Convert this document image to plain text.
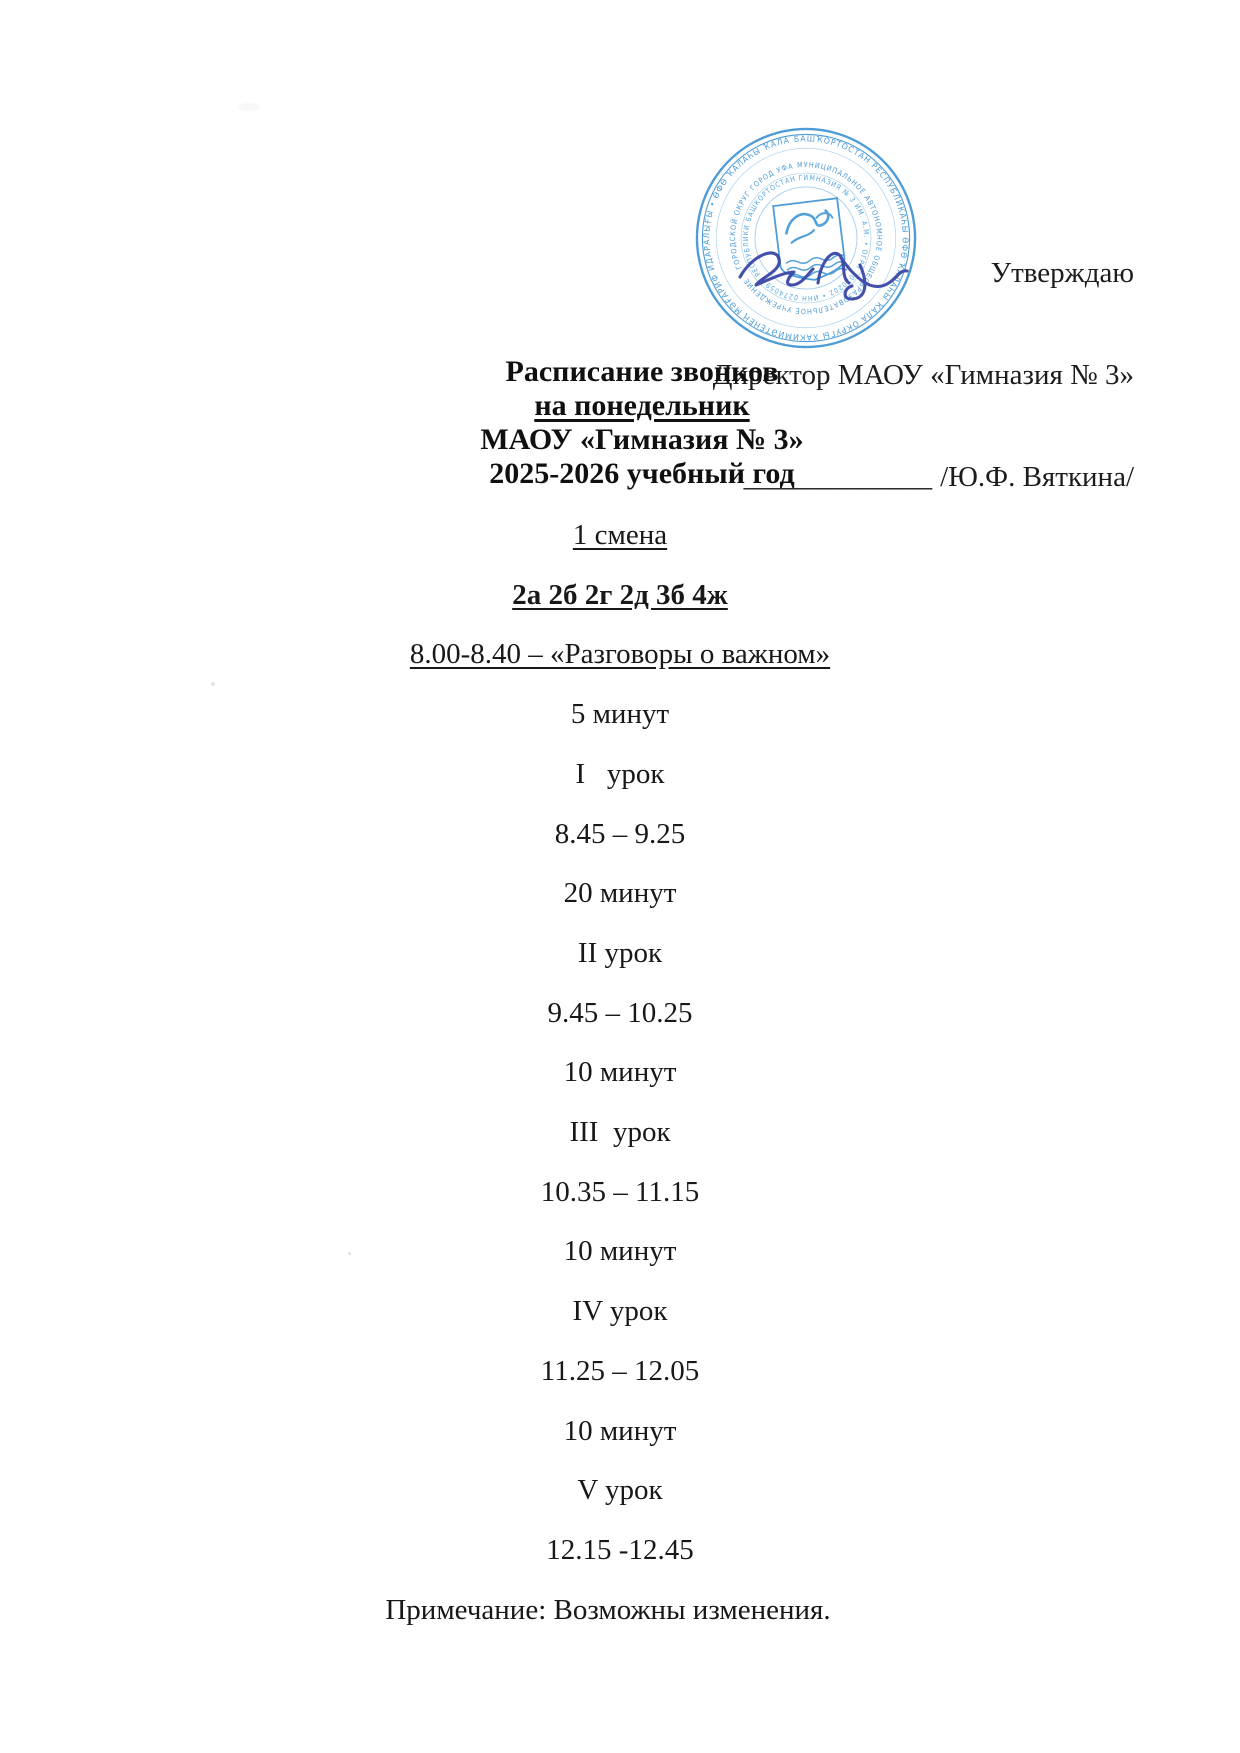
БАШҠОРТОСТАН РЕСПУБЛИКАҺЫ ӨФӨ ҠАЛАҺЫ ҠАЛА ОКРУГЫ ХАКИМИӘТЕНЕҢ МӘҒАРИФ ИДАРАЛЫҒЫ • ӨФӨ ҠАЛАҺЫ ҠАЛА
РЕСПУБЛИКАҺЫ ӨФӨ ҠАЛАҺЫ ХАКИМИӘТЕНЕҢ МӘҒАРИФ ИДАРАЛЫҒЫ • БАШҠОРТОСТАН РЕСПУБЛИКАҺЫ ӨФӨ
МУНИЦИПАЛЬНОЕ АВТОНОМНОЕ ОБЩЕОБРАЗОВАТЕЛЬНОЕ УЧРЕЖДЕНИЕ • ГОРОДСКОЙ ОКРУГ ГОРОД УФА
ГИМНАЗИЯ № 3 ИМ. А.М. • ОГРН 1020202 • ИНН 0274059 • РЕСПУБЛИКИ БАШКОРТОСТАН

Утверждаю

Директор МАОУ «Гимназия № 3»

_____________ /Ю.Ф. Вяткина/

Расписание звонков
на понедельник
МАОУ «Гимназия № 3»
2025-2026 учебный год
1 смена
2а 2б 2г 2д 3б 4ж
8.00-8.40 – «Разговоры о важном»
5 минут
I   урок
8.45 – 9.25
20 минут
II урок
9.45 – 10.25
10 минут
III  урок
10.35 – 11.15
10 минут
IV урок
11.25 – 12.05
10 минут
V урок
12.15 -12.45
Примечание: Возможны изменения.
